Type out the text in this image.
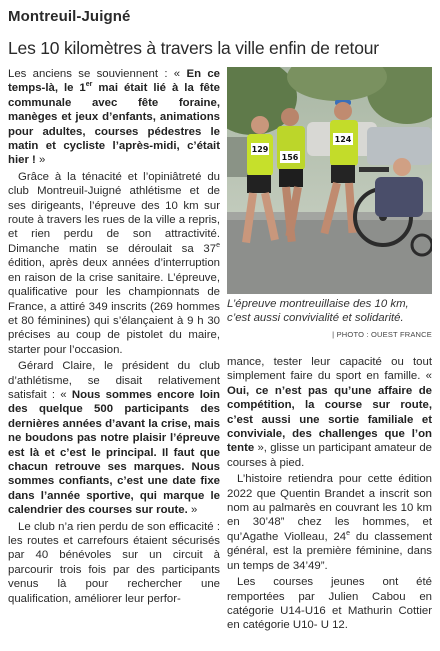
Montreuil-Juigné
Les 10 kilomètres à travers la ville enfin de retour

Les anciens se souviennent : « En ce temps-là, le 1er mai était lié à la fête communale avec fête foraine, manèges et jeux d’enfants, animations pour adultes, courses pédestres le matin et cycliste l’après-midi, c’était hier ! »

Grâce à la ténacité et l’opiniâtreté du club Montreuil-Juigné athlétisme et de ses dirigeants, l’épreuve des 10 km sur route à travers les rues de la ville a repris, et rien perdu de son attractivité. Dimanche matin se déroulait sa 37e édition, après deux années d’interruption en raison de la crise sanitaire. L’épreuve, qualificative pour les championnats de France, a attiré 349 inscrits (269 hommes et 80 féminines) qui s’élançaient à 9 h 30 précises au coup de pistolet du maire, starter pour l’occasion.

Gérard Claire, le président du club d’athlétisme, se disait relativement satisfait : « Nous sommes encore loin des quelque 500 participants des dernières années d’avant la crise, mais ne boudons pas notre plaisir l’épreuve est là et c’est le principal. Il faut que chacun retrouve ses marques. Nous sommes confiants, c’est une date fixe dans l’année sportive, qui marque le calendrier des courses sur route. »

Le club n’a rien perdu de son efficacité : les routes et carrefours étaient sécurisés par 40 bénévoles sur un circuit à parcourir trois fois par des participants venus là pour rechercher une qualification, améliorer leur perfor-

129
156
124
L’épreuve montreuillaise des 10 km, c’est aussi convivialité et solidarité.
| PHOTO : OUEST FRANCE

mance, tester leur capacité ou tout simplement faire du sport en famille. « Oui, ce n’est pas qu’une affaire de compétition, la course sur route, c’est aussi une sortie familiale et conviviale, des challenges que l’on tente », glisse un participant amateur de courses à pied.

L’histoire retiendra pour cette édition 2022 que Quentin Brandet a inscrit son nom au palmarès en couvrant les 10 km en 30’48” chez les hommes, et qu’Agathe Violleau, 24e du classement général, est la première féminine, dans un temps de 34’49”.

Les courses jeunes ont été remportées par Julien Cabou en catégorie U14-U16 et Mathurin Cottier en catégorie U10- U 12.
